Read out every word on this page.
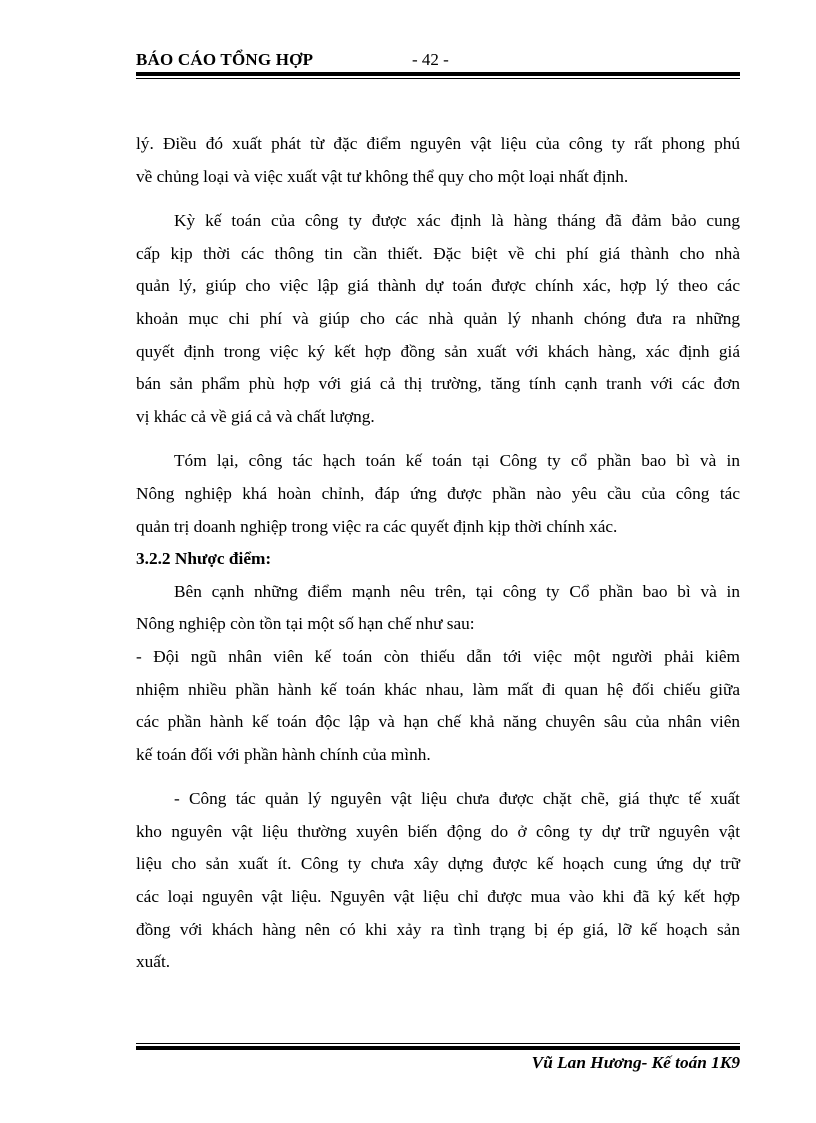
BÁO CÁO TỔNG HỢP	- 42 -
lý. Điều đó xuất phát từ đặc điểm nguyên vật liệu của công ty rất phong phú
về chủng loại và việc xuất vật tư không thể quy cho một loại nhất định.
Kỳ kế toán của công ty được xác định là hàng tháng đã đảm bảo cung
cấp kịp thời các thông tin cần thiết. Đặc biệt về chi phí giá thành cho nhà
quản lý, giúp cho việc lập giá thành dự toán được chính xác, hợp lý theo các
khoản mục chi phí và giúp cho các nhà quản lý nhanh chóng đưa ra những
quyết định trong việc ký kết hợp đồng sản xuất với khách hàng, xác định giá
bán sản phẩm phù hợp với giá cả thị trường, tăng tính cạnh tranh với các đơn
vị khác cả về giá cả và chất lượng.
Tóm lại, công tác hạch toán kế toán tại Công ty cổ phần bao bì và in
Nông nghiệp khá hoàn chỉnh, đáp ứng được phần nào yêu cầu của công tác
quản trị doanh nghiệp trong việc ra các quyết định kịp thời chính xác.
3.2.2 Nhược điểm:
Bên cạnh những điểm mạnh nêu trên, tại công ty Cổ phần bao bì và in
Nông nghiệp còn tồn tại một số hạn chế như sau:
- Đội ngũ nhân viên kế toán còn thiếu dẫn tới việc một người phải kiêm
nhiệm nhiều phần hành kế toán khác nhau, làm mất đi quan hệ đối chiếu giữa
các phần hành kế toán độc lập và hạn chế khả năng chuyên sâu của nhân viên
kế toán đối với phần hành chính của mình.
- Công tác quản lý nguyên vật liệu chưa được chặt chẽ, giá thực tế xuất
kho nguyên vật liệu thường xuyên biến động do ở công ty dự trữ nguyên vật
liệu cho sản xuất ít. Công ty chưa xây dựng được kế hoạch cung ứng dự trữ
các loại nguyên vật liệu. Nguyên vật liệu chỉ được mua vào khi đã ký kết hợp
đồng với khách hàng nên có khi xảy ra tình trạng bị ép giá, lỡ kế hoạch sản
xuất.
Vũ Lan Hương- Kế toán 1K9
